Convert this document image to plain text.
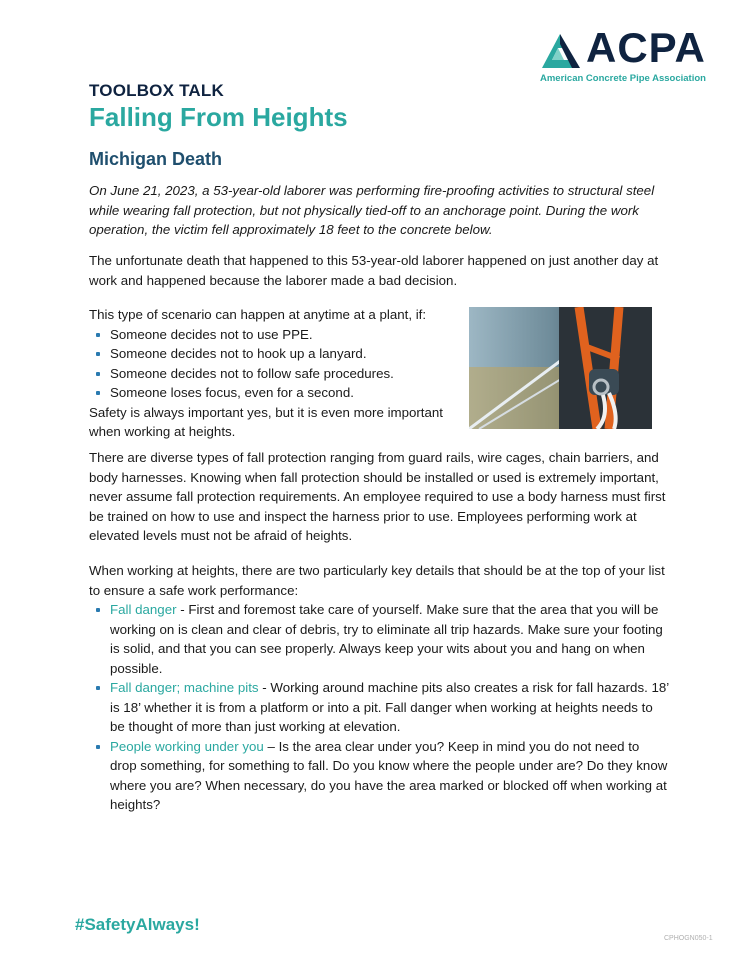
ACPA
American Concrete Pipe Association
TOOLBOX TALK
Falling From Heights
Michigan Death
On June 21, 2023, a 53-year-old laborer was performing fire-proofing activities to structural steel while wearing fall protection, but not physically tied-off to an anchorage point. During the work operation, the victim fell approximately 18 feet to the concrete below.
The unfortunate death that happened to this 53-year-old laborer happened on just another day at work and happened because the laborer made a bad decision.
This type of scenario can happen at anytime at a plant, if:
Someone decides not to use PPE.
Someone decides not to hook up a lanyard.
Someone decides not to follow safe procedures.
Someone loses focus, even for a second.
Safety is always important yes, but it is even more important when working at heights.
There are diverse types of fall protection ranging from guard rails, wire cages, chain barriers, and body harnesses. Knowing when fall protection should be installed or used is extremely important, never assume fall protection requirements. An employee required to use a body harness must first be trained on how to use and inspect the harness prior to use. Employees performing work at elevated levels must not be afraid of heights.
When working at heights, there are two particularly key details that should be at the top of your list to ensure a safe work performance:
Fall danger - First and foremost take care of yourself. Make sure that the area that you will be working on is clean and clear of debris, try to eliminate all trip hazards. Make sure your footing is solid, and that you can see properly. Always keep your wits about you and hang on when possible.
Fall danger; machine pits - Working around machine pits also creates a risk for fall hazards. 18’ is 18’ whether it is from a platform or into a pit. Fall danger when working at heights needs to be thought of more than just working at elevation.
People working under you – Is the area clear under you? Keep in mind you do not need to drop something, for something to fall. Do you know where the people under are? Do they know where you are? When necessary, do you have the area marked or blocked off when working at heights?
#SafetyAlways!
CPHOGN050-1
